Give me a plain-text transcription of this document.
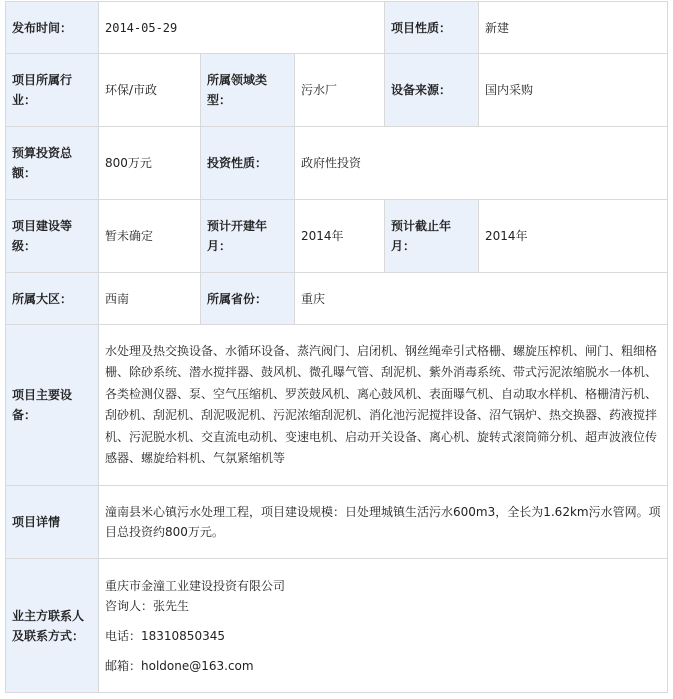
发布时间：	2014-05-29			项目性质：	新建
项目所属行业：	环保/市政	所属领域类型：	污水厂	设备来源：	国内采购
预算投资总额：	800万元	投资性质：	政府性投资		
项目建设等级：	暂未确定	预计开建年月：	2014年	预计截止年月：	2014年
所属大区：	西南	所属省份：	重庆		
项目主要设备：	水处理及热交换设备、水循环设备、蒸汽阀门、启闭机、钢丝绳牵引式格栅、螺旋压榨机、闸门、粗细格栅、除砂系统、潜水搅拌器、鼓风机、微孔曝气管、刮泥机、紫外消毒系统、带式污泥浓缩脱水一体机、各类检测仪器、泵、空气压缩机、罗茨鼓风机、离心鼓风机、表面曝气机、自动取水样机、格栅清污机、刮砂机、刮泥机、刮泥吸泥机、污泥浓缩刮泥机、消化池污泥搅拌设备、沼气锅炉、热交换器、药液搅拌机、污泥脱水机、交直流电动机、变速电机、启动开关设备、离心机、旋转式滚筒筛分机、超声波液位传感器、螺旋给料机、气氛紧缩机等				
项目详情	潼南县米心镇污水处理工程，项目建设规模：日处理城镇生活污水600m3，全长为1.62km污水管网。项目总投资约800万元。				
业主方联系人及联系方式：	重庆市金潼工业建设投资有限公司
咨询人：张先生
电话：18310850345
邮箱：holdone@163.com				
